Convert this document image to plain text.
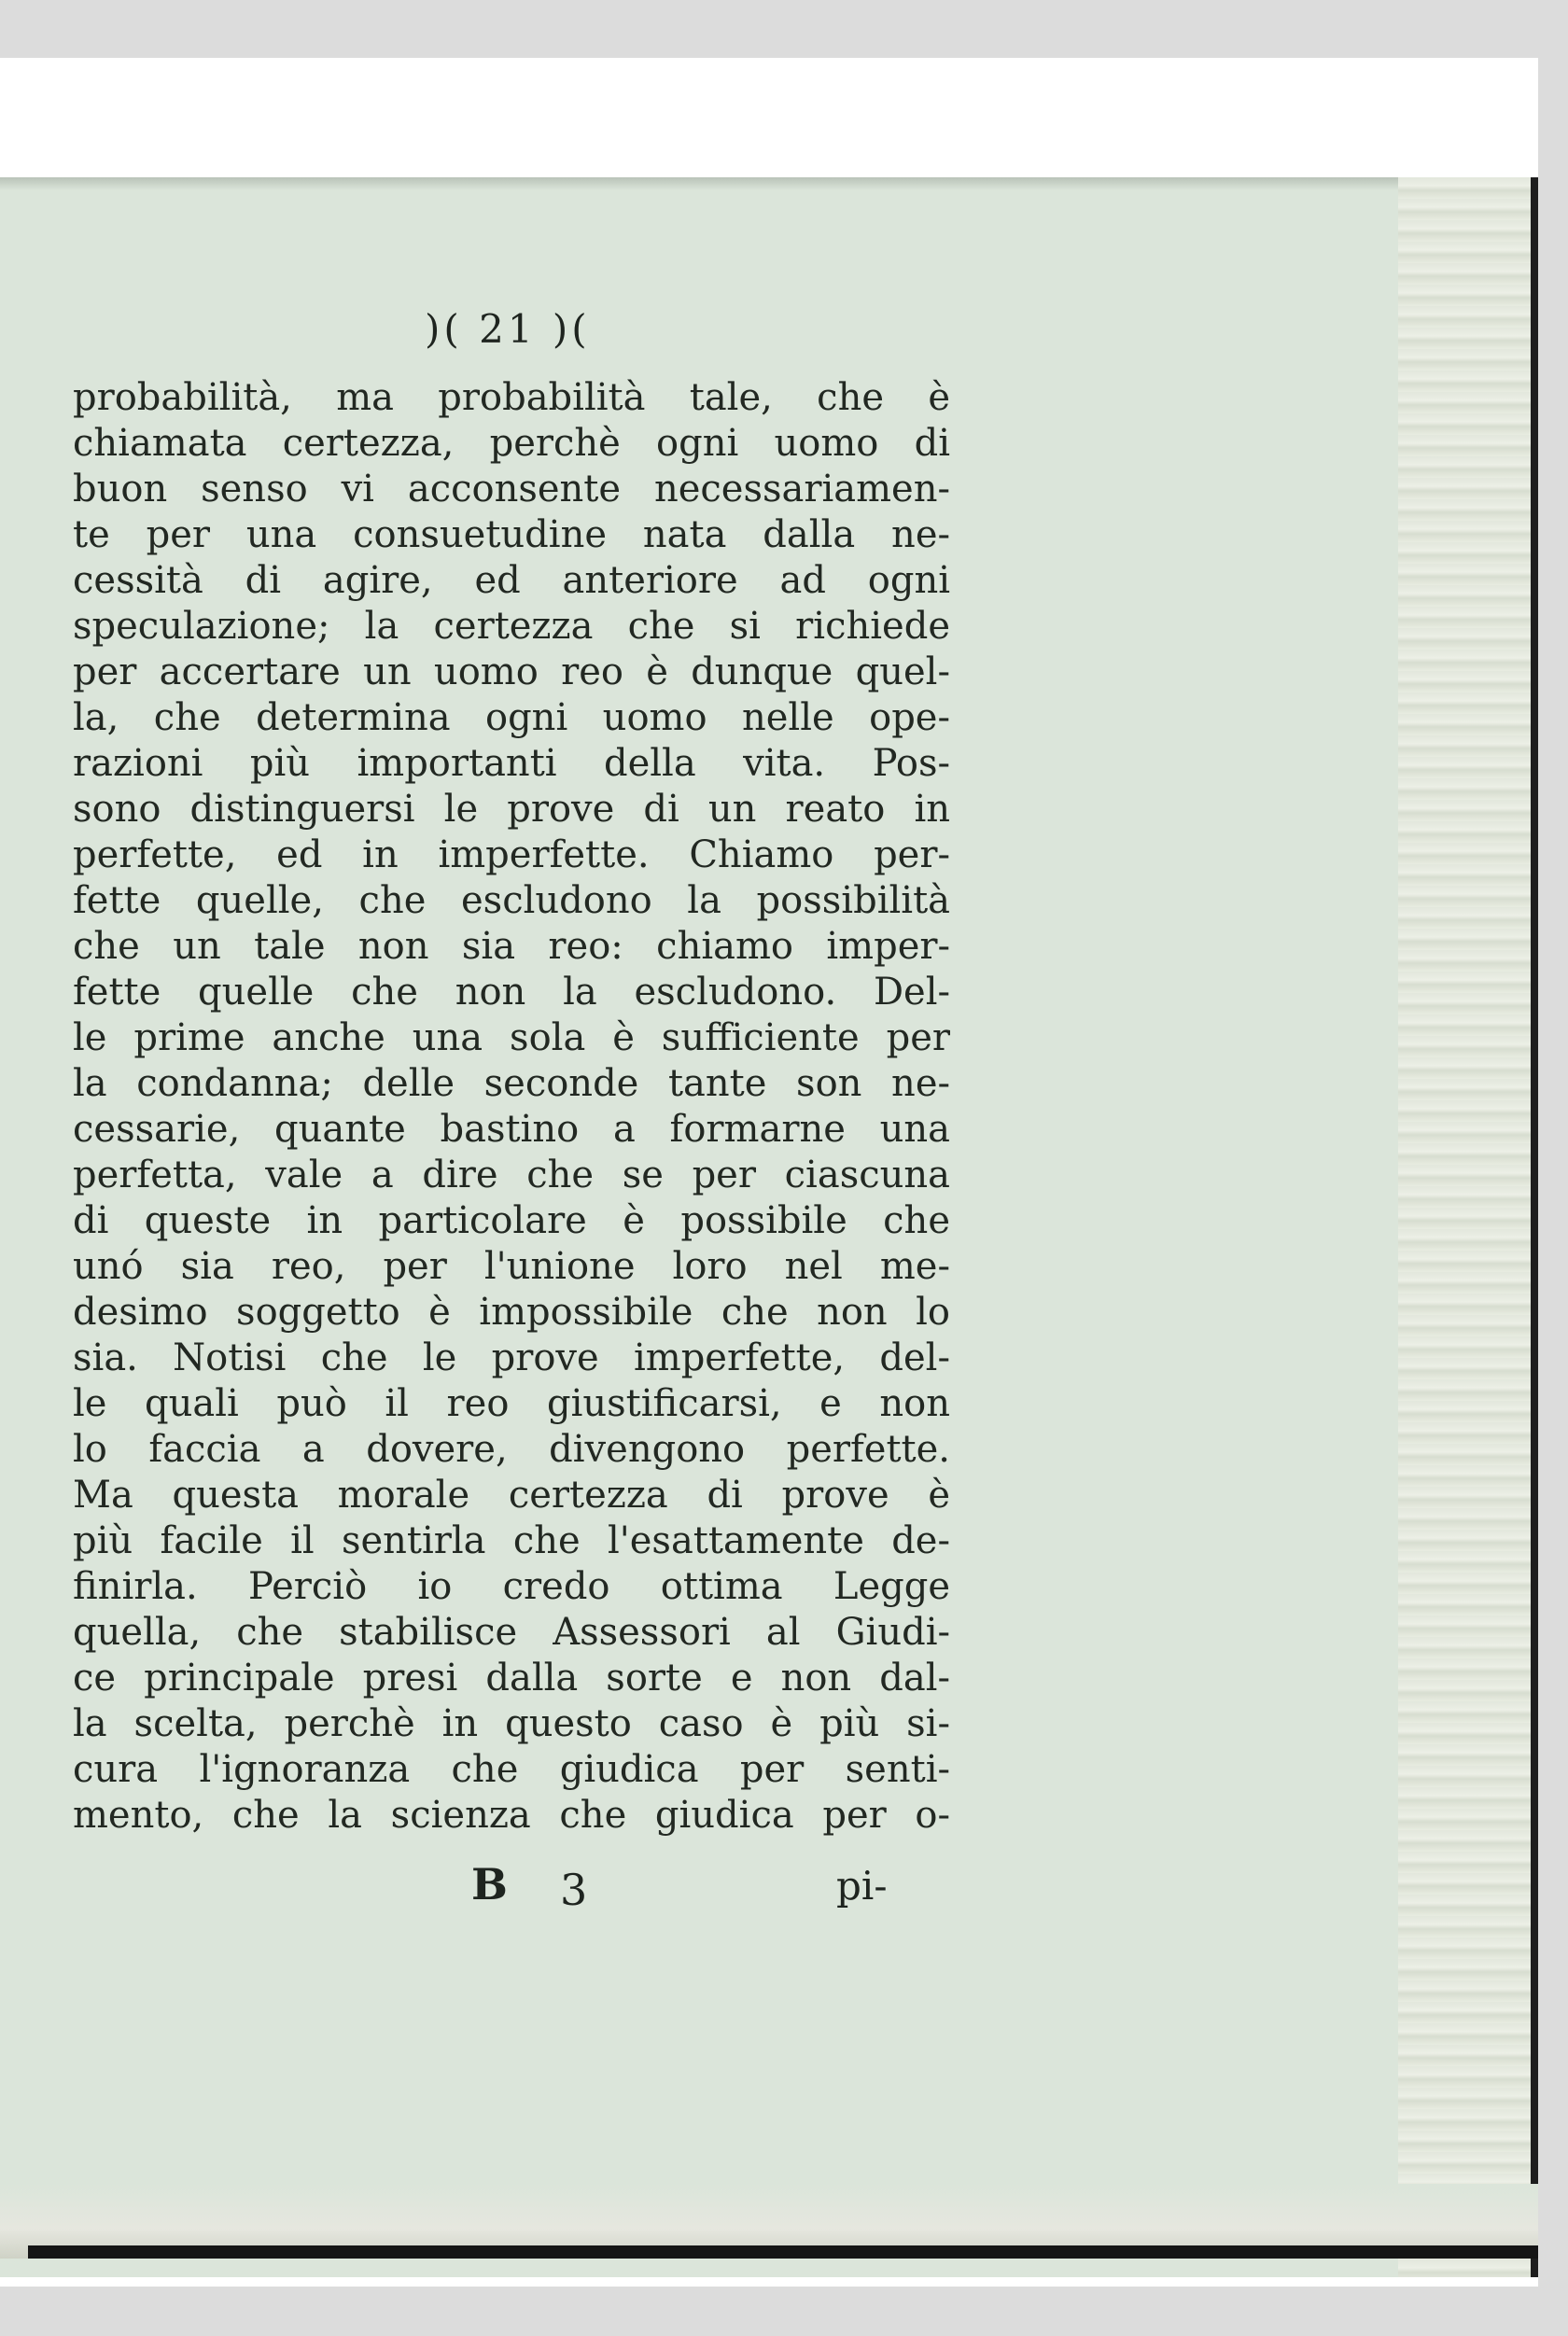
)( 21 )(
probabilità, ma probabilità tale, che è
chiamata certezza, perchè ogni uomo di
buon senso vi acconsente necessariamen-
te per una consuetudine nata dalla ne-
cessità di agire, ed anteriore ad ogni
speculazione; la certezza che si richiede
per accertare un uomo reo è dunque quel-
la, che determina ogni uomo nelle ope-
razioni più importanti della vita. Pos-
sono distinguersi le prove di un reato in
perfette, ed in imperfette. Chiamo per-
fette quelle, che escludono la possibilità
che un tale non sia reo: chiamo imper-
fette quelle che non la escludono. Del-
le prime anche una sola è sufficiente per
la condanna; delle seconde tante son ne-
cessarie, quante bastino a formarne una
perfetta, vale a dire che se per ciascuna
di queste in particolare è possibile che
unó sia reo, per l'unione loro nel me-
desimo soggetto è impossibile che non lo
sia. Notisi che le prove imperfette, del-
le quali può il reo giustificarsi, e non
lo faccia a dovere, divengono perfette.
Ma questa morale certezza di prove è
più facile il sentirla che l'esattamente de-
finirla. Perciò io credo ottima Legge
quella, che stabilisce Assessori al Giudi-
ce principale presi dalla sorte e non dal-
la scelta, perchè in questo caso è più si-
cura l'ignoranza che giudica per senti-
mento, che la scienza che giudica per o-
B 3	pi-
